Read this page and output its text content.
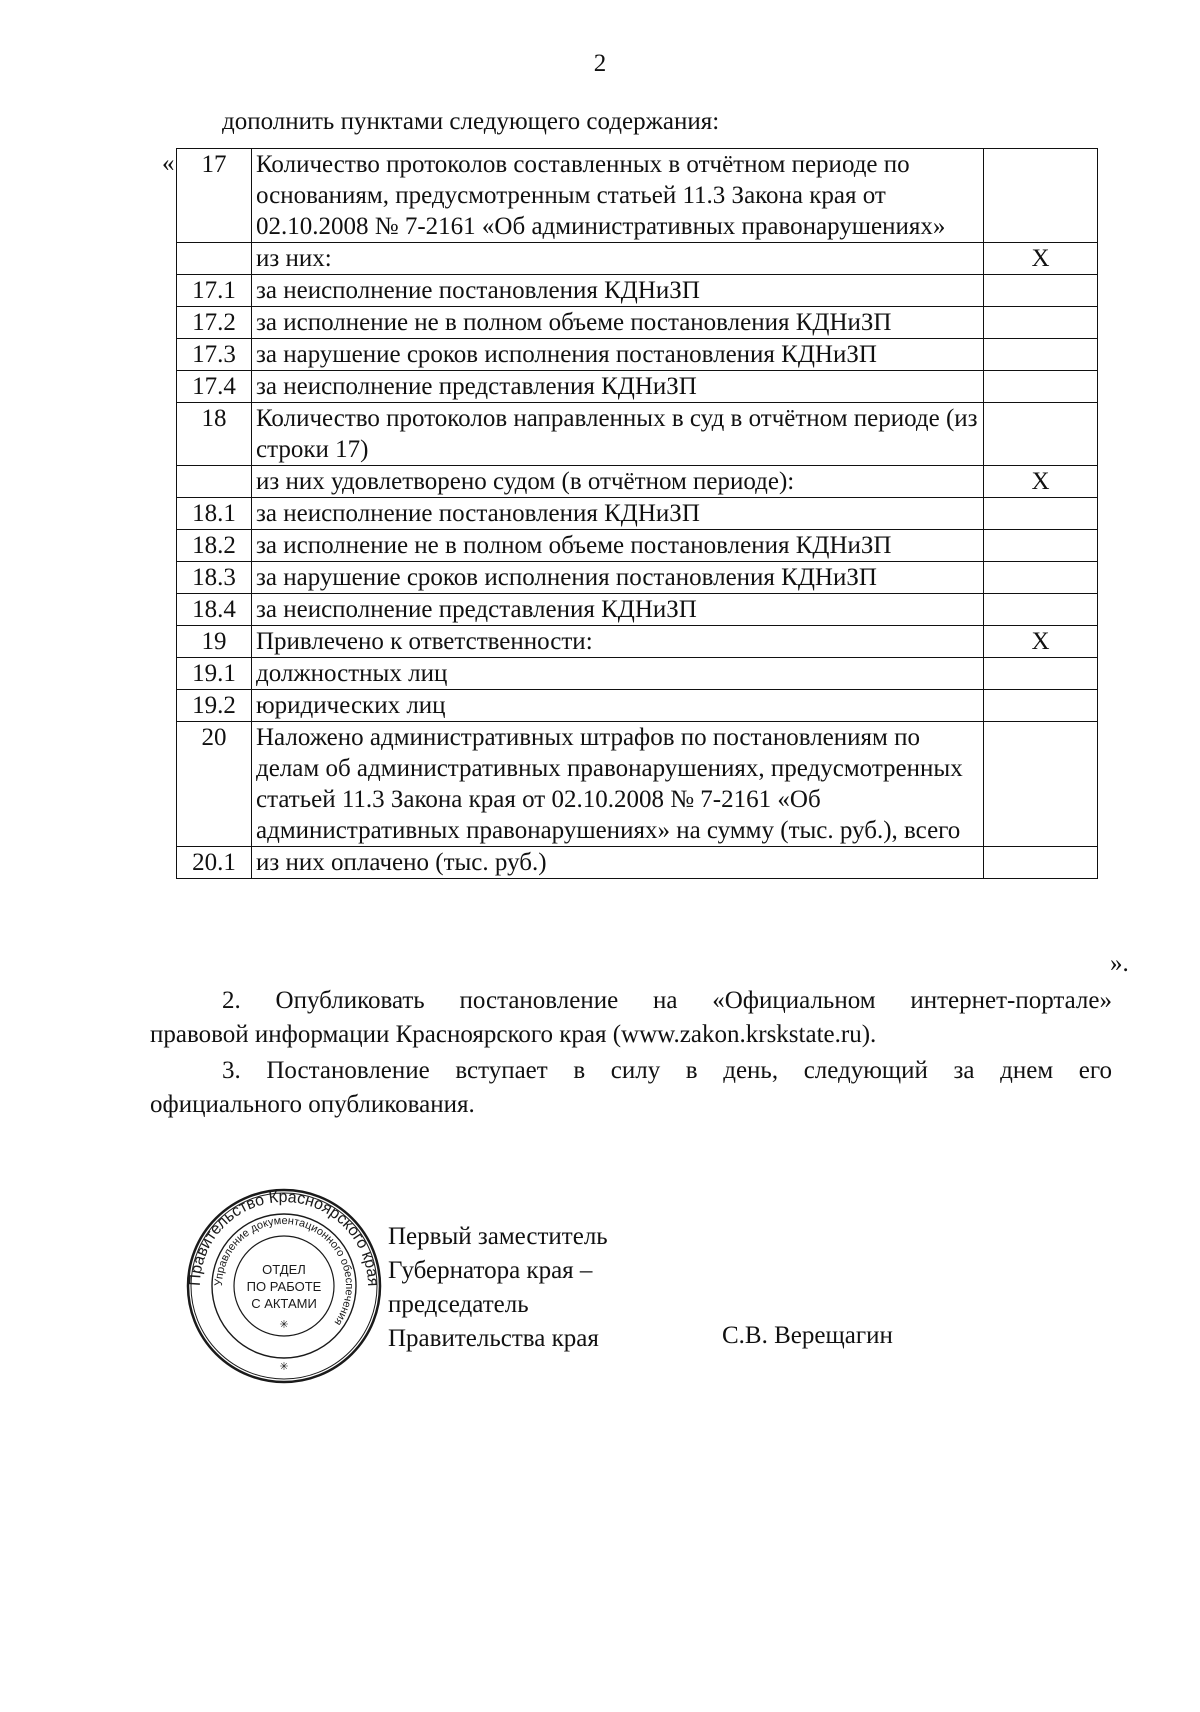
2
дополнить пунктами следующего содержания:
« 17	Количество протоколов составленных в отчётном периоде по основаниям, предусмотренным статьей 11.3 Закона края от 02.10.2008 № 7-2161 «Об административных правонарушениях»	
	из них:	X
17.1	за неисполнение постановления КДНиЗП	
17.2	за исполнение не в полном объеме постановления КДНиЗП	
17.3	за нарушение сроков исполнения постановления КДНиЗП	
17.4	за неисполнение представления КДНиЗП	
18	Количество протоколов направленных в суд в отчётном периоде (из строки 17)	
	из них удовлетворено судом (в отчётном периоде):	X
18.1	за неисполнение постановления КДНиЗП	
18.2	за исполнение не в полном объеме постановления КДНиЗП	
18.3	за нарушение сроков исполнения постановления КДНиЗП	
18.4	за неисполнение представления КДНиЗП	
19	Привлечено к ответственности:	X
19.1	должностных лиц	
19.2	юридических лиц	
20	Наложено административных штрафов по постановлениям по делам об административных правонарушениях, предусмотренных статьей 11.3 Закона края от 02.10.2008 № 7-2161 «Об административных правонарушениях» на сумму (тыс. руб.), всего	
20.1	из них оплачено (тыс. руб.)	
».
2. Опубликовать постановление на «Официальном интернет-портале»
правовой информации Красноярского края (www.zakon.krskstate.ru).
3. Постановление вступает в силу в день, следующий за днем его
официального опубликования.
Правительство Красноярского края
Управление документационного обеспечения
ОТДЕЛ
ПО РАБОТЕ
С АКТАМИ
✳
✳
Первый заместитель
Губернатора края –
председатель
Правительства края	С.В. Верещагин
